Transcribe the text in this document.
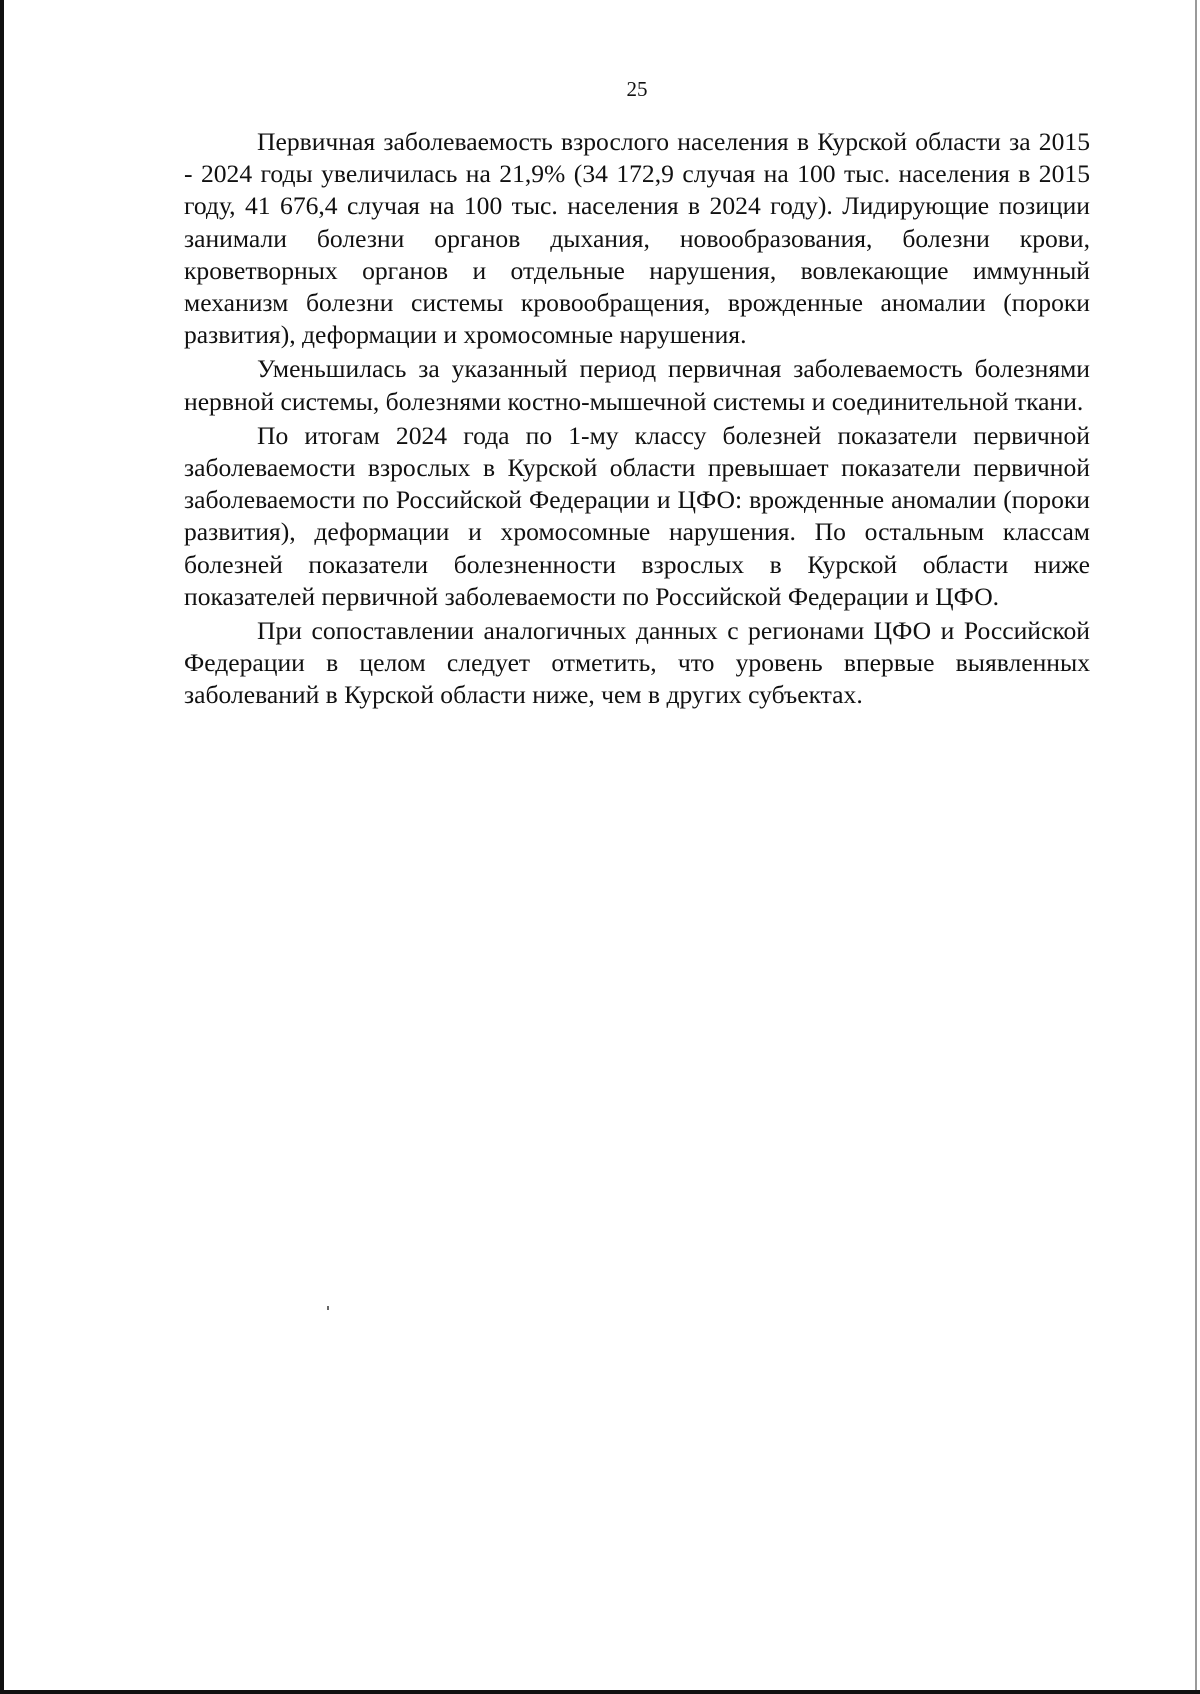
25

Первичная заболеваемость взрослого населения в Курской области за 2015 - 2024 годы увеличилась на 21,9% (34 172,9 случая на 100 тыс. населения в 2015 году, 41 676,4 случая на 100 тыс. населения в 2024 году). Лидирующие позиции занимали болезни органов дыхания, новообразования, болезни крови, кроветворных органов и отдельные нарушения, вовлекающие иммунный механизм болезни системы кровообращения, врожденные аномалии (пороки развития), деформации и хромосомные нарушения.

Уменьшилась за указанный период первичная заболеваемость болезнями нервной системы, болезнями костно-мышечной системы и соединительной ткани.

По итогам 2024 года по 1-му классу болезней показатели первичной заболеваемости взрослых в Курской области превышает показатели первичной заболеваемости по Российской Федерации и ЦФО: врожденные аномалии (пороки развития), деформации и хромосомные нарушения. По остальным классам болезней показатели болезненности взрослых в Курской области ниже показателей первичной заболеваемости по Российской Федерации и ЦФО.

При сопоставлении аналогичных данных с регионами ЦФО и Российской Федерации в целом следует отметить, что уровень впервые выявленных заболеваний в Курской области ниже, чем в других субъектах.
